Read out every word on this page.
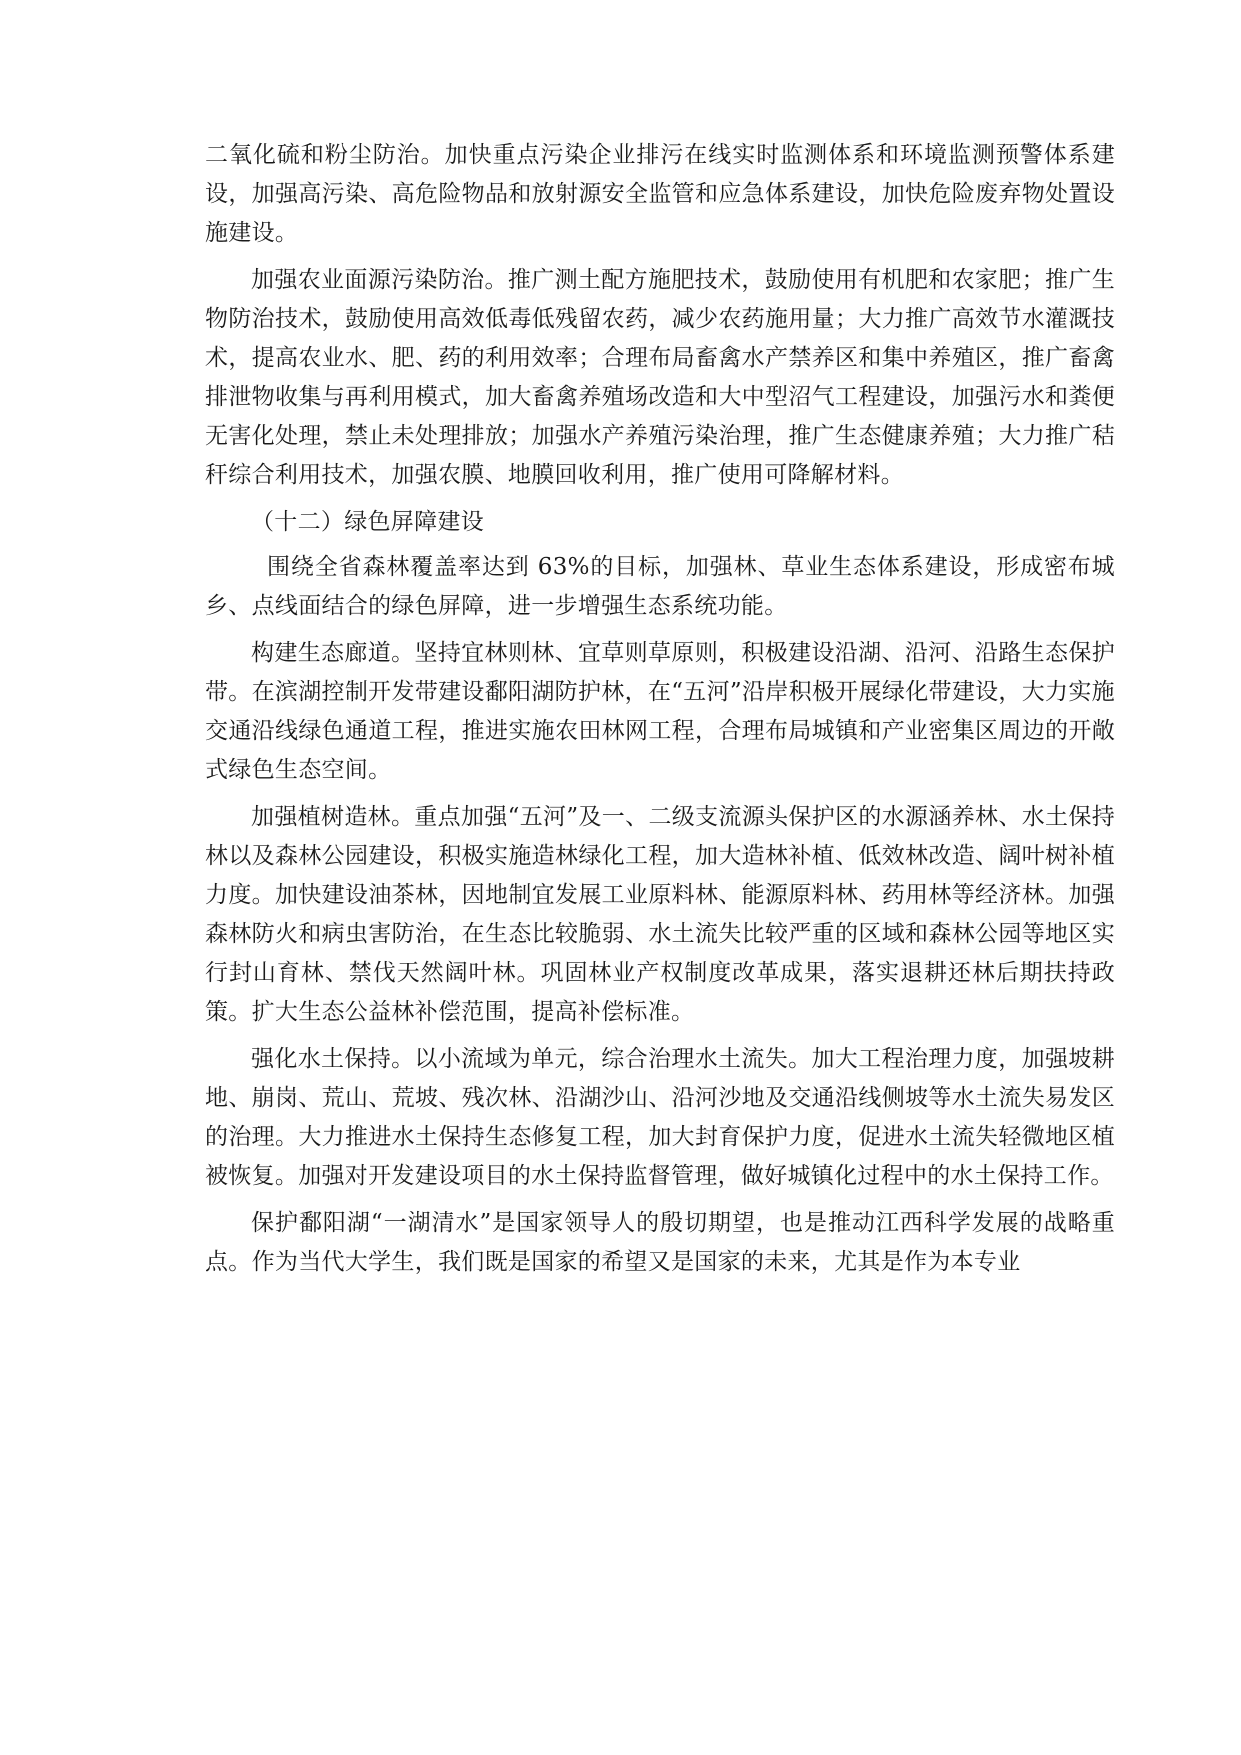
二氧化硫和粉尘防治。加快重点污染企业排污在线实时监测体系和环境监测预警体系建设，加强高污染、高危险物品和放射源安全监管和应急体系建设，加快危险废弃物处置设施建设。

加强农业面源污染防治。推广测土配方施肥技术，鼓励使用有机肥和农家肥；推广生物防治技术，鼓励使用高效低毒低残留农药，减少农药施用量；大力推广高效节水灌溉技术，提高农业水、肥、药的利用效率；合理布局畜禽水产禁养区和集中养殖区，推广畜禽排泄物收集与再利用模式，加大畜禽养殖场改造和大中型沼气工程建设，加强污水和粪便无害化处理，禁止未处理排放；加强水产养殖污染治理，推广生态健康养殖；大力推广秸秆综合利用技术，加强农膜、地膜回收利用，推广使用可降解材料。

（十二）绿色屏障建设

围绕全省森林覆盖率达到 63%的目标，加强林、草业生态体系建设，形成密布城乡、点线面结合的绿色屏障，进一步增强生态系统功能。

构建生态廊道。坚持宜林则林、宜草则草原则，积极建设沿湖、沿河、沿路生态保护带。在滨湖控制开发带建设鄱阳湖防护林，在“五河”沿岸积极开展绿化带建设，大力实施交通沿线绿色通道工程，推进实施农田林网工程，合理布局城镇和产业密集区周边的开敞式绿色生态空间。

加强植树造林。重点加强“五河”及一、二级支流源头保护区的水源涵养林、水土保持林以及森林公园建设，积极实施造林绿化工程，加大造林补植、低效林改造、阔叶树补植力度。加快建设油茶林，因地制宜发展工业原料林、能源原料林、药用林等经济林。加强森林防火和病虫害防治，在生态比较脆弱、水土流失比较严重的区域和森林公园等地区实行封山育林、禁伐天然阔叶林。巩固林业产权制度改革成果，落实退耕还林后期扶持政策。扩大生态公益林补偿范围，提高补偿标准。

强化水土保持。以小流域为单元，综合治理水土流失。加大工程治理力度，加强坡耕地、崩岗、荒山、荒坡、残次林、沿湖沙山、沿河沙地及交通沿线侧坡等水土流失易发区的治理。大力推进水土保持生态修复工程，加大封育保护力度，促进水土流失轻微地区植被恢复。加强对开发建设项目的水土保持监督管理，做好城镇化过程中的水土保持工作。

保护鄱阳湖“一湖清水”是国家领导人的殷切期望，也是推动江西科学发展的战略重点。作为当代大学生，我们既是国家的希望又是国家的未来，尤其是作为本专业
